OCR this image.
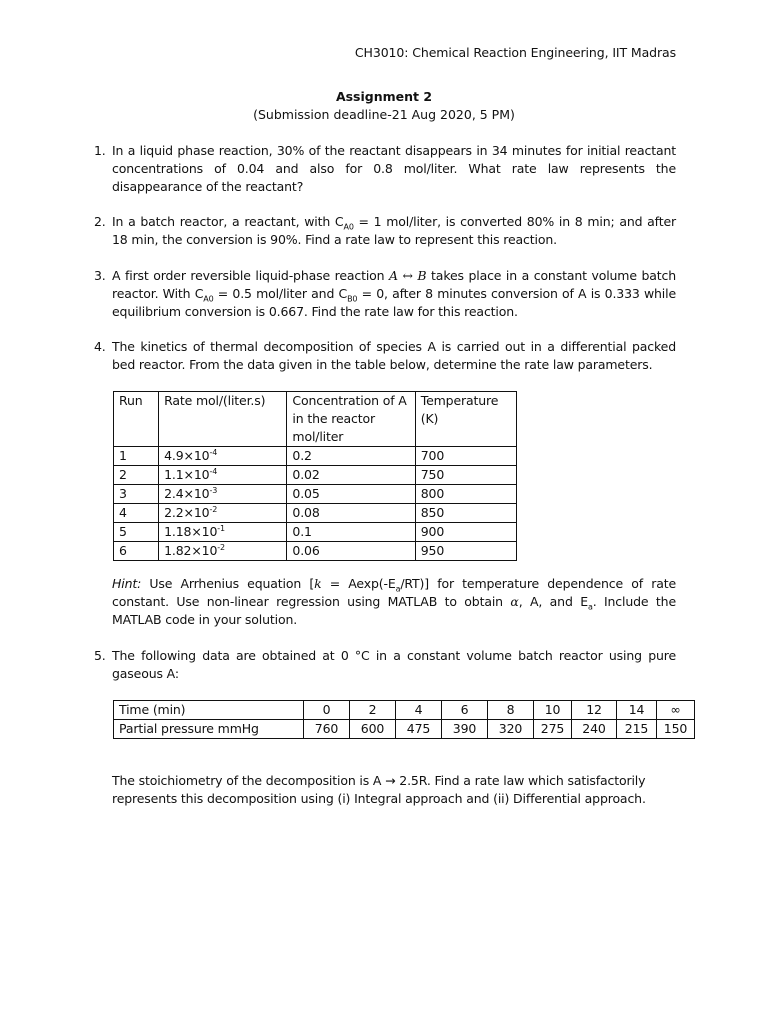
CH3010: Chemical Reaction Engineering, IIT Madras
Assignment 2
(Submission deadline-21 Aug 2020, 5 PM)
1. In a liquid phase reaction, 30% of the reactant disappears in 34 minutes for initial reactant concentrations of 0.04 and also for 0.8 mol/liter. What rate law represents the disappearance of the reactant?
2. In a batch reactor, a reactant, with $C_{A0} = 1$ mol/liter, is converted 80% in 8 min; and after 18 min, the conversion is 90%. Find a rate law to represent this reaction.
3. A first order reversible liquid-phase reaction A ↔ B takes place in a constant volume batch reactor. With $C_{A0} = 0.5$ mol/liter and $C_{B0} = 0$, after 8 minutes conversion of A is 0.333 while equilibrium conversion is 0.667. Find the rate law for this reaction.
4. The kinetics of thermal decomposition of species A is carried out in a differential packed bed reactor. From the data given in the table below, determine the rate law parameters.
Run	Rate mol/(liter.s)	Concentration of A in the reactor mol/liter	Temperature (K)
1	$4.9\times 10^{-4}$	0.2	700
2	$1.1\times 10^{-4}$	0.02	750
3	$2.4\times 10^{-3}$	0.05	800
4	$2.2\times 10^{-2}$	0.08	850
5	$1.18\times 10^{-1}$	0.1	900
6	$1.82\times 10^{-2}$	0.06	950
Hint: Use Arrhenius equation $[k = Aexp(-E_a/RT)]$ for temperature dependence of rate constant. Use non-linear regression using MATLAB to obtain α, A, and $E_a$. Include the MATLAB code in your solution.
5. The following data are obtained at 0 °C in a constant volume batch reactor using pure gaseous A:
Time (min)	0	2	4	6	8	10	12	14	∞
Partial pressure mmHg	760	600	475	390	320	275	240	215	150
The stoichiometry of the decomposition is A → 2.5R. Find a rate law which satisfactorily represents this decomposition using (i) Integral approach and (ii) Differential approach.
